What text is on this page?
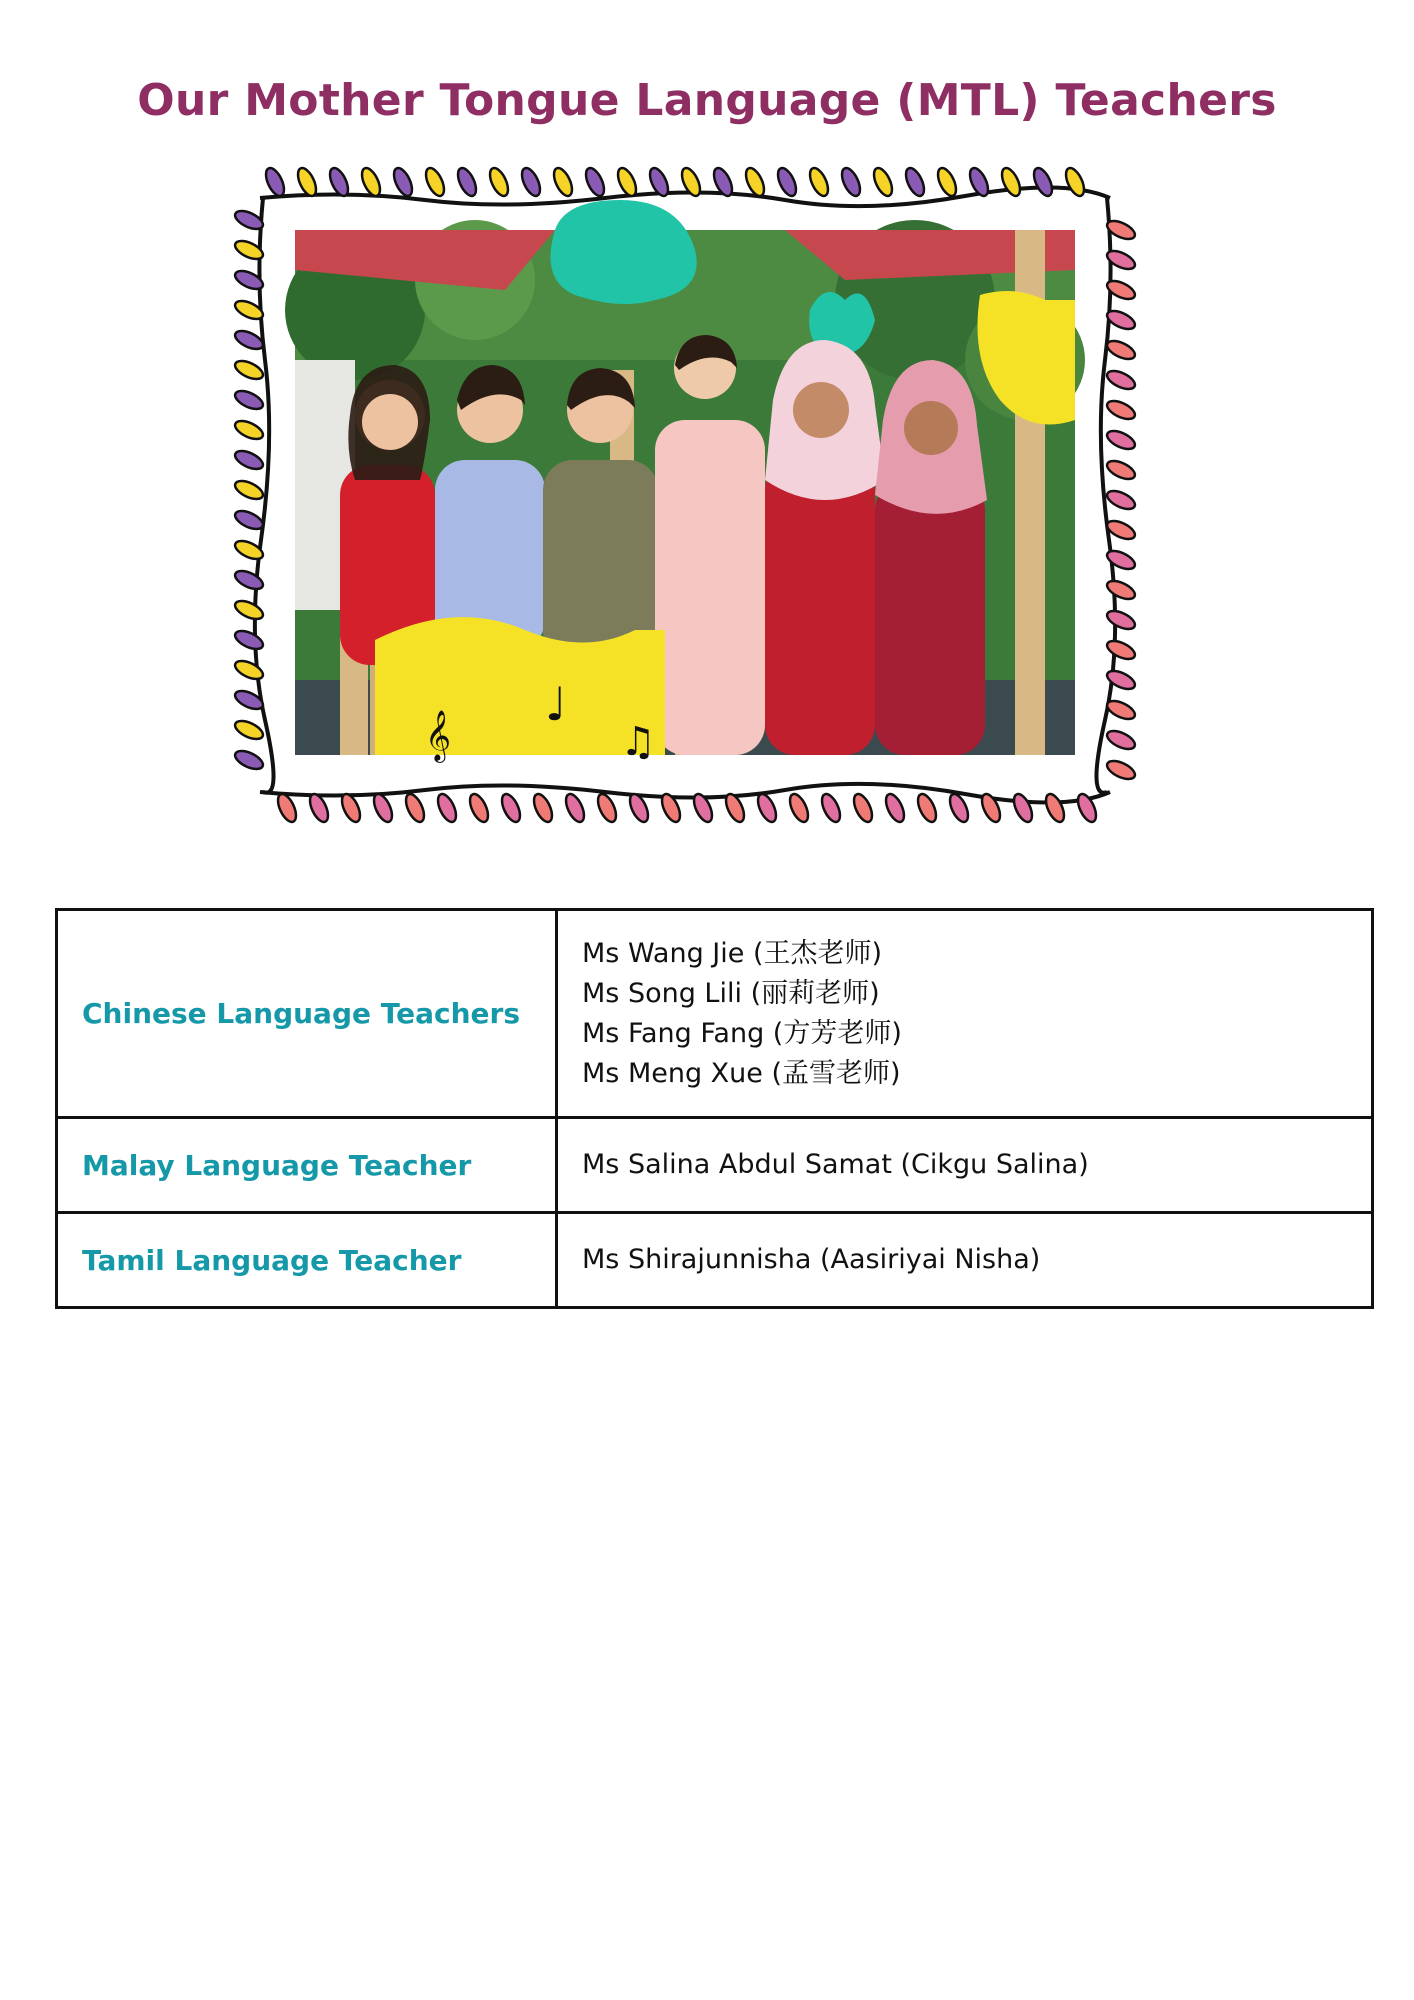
Our Mother Tongue Language (MTL) Teachers
𝄞
♩
♫
Chinese Language Teachers	Ms Wang Jie (王杰老师)
Ms Song Lili (丽莉老师)
Ms Fang Fang (方芳老师)
Ms Meng Xue (孟雪老师)

Malay Language Teacher	Ms Salina Abdul Samat (Cikgu Salina)

Tamil Language Teacher	Ms Shirajunnisha (Aasiriyai Nisha)
